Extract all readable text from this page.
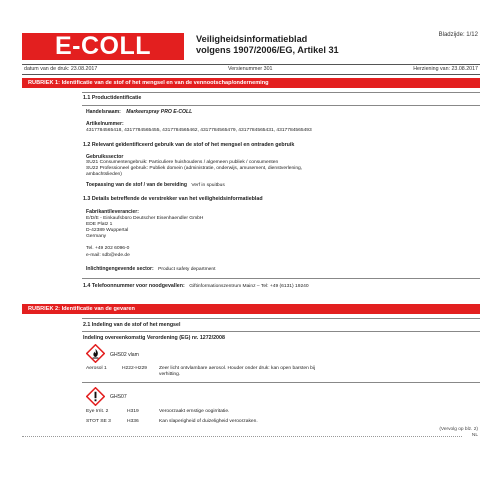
E-COLL	Veiligheidsinformatieblad
volgens 1907/2006/EG, Artikel 31
Bladzijde: 1/12
datum van de druk: 23.08.2017	Versienummer 301	Herziening van: 23.08.2017
RUBRIEK 1: Identificatie van de stof of het mengsel en van de vennootschap/onderneming
1.1 Productidentificatie
Handelsnaam: Markeerspray PRO E-COLL
Artikelnummer:
4317784565418, 4317784565455, 4317784565462, 4317784565479, 4317784565431, 4317784565493
1.2 Relevant geïdentificeerd gebruik van de stof of het mengsel en ontraden gebruik
Gebruikssector
SU21 Consumentengebruik: Particuliere huishoudens / algemeen publiek / consumenten
SU22 Professioneel gebruik: Publiek domein (administratie, onderwijs, amusement, dienstverlening,
ambachtslieden)
Toepassing van de stof / van de bereiding Verf in spuitbus
1.3 Details betreffende de verstrekker van het veiligheidsinformatieblad
Fabrikant/leverancier:
E/D/E - Einkaufsbüro Deutscher Eisenhaendler GmbH
EDE Platz 1
D-42389 Wuppertal
Germany
Tel. +49 202 6096-0
e-mail: sdb@ede.de
Inlichtingengevende sector: Product safety department
1.4 Telefoonnummer voor noodgevallen: Giftinformationszentrum Mainz – Tel: +49 (6131) 19240
RUBRIEK 2: Identificatie van de gevaren
2.1 Indeling van de stof of het mengsel
Indeling overeenkomstig Verordening (EG) nr. 1272/2008
GHS02 vlam
Aerosol 1	H222-H229 Zeer licht ontvlambare aerosol. Houder onder druk: kan open barsten bij
verhitting.
GHS07
Eye Irrit. 2	H319	Veroorzaakt ernstige oogirritatie.
STOT SE 3	H336	Kan slaperigheid of duizeligheid veroorzaken.
(Vervolg op blz. 2)
NL
